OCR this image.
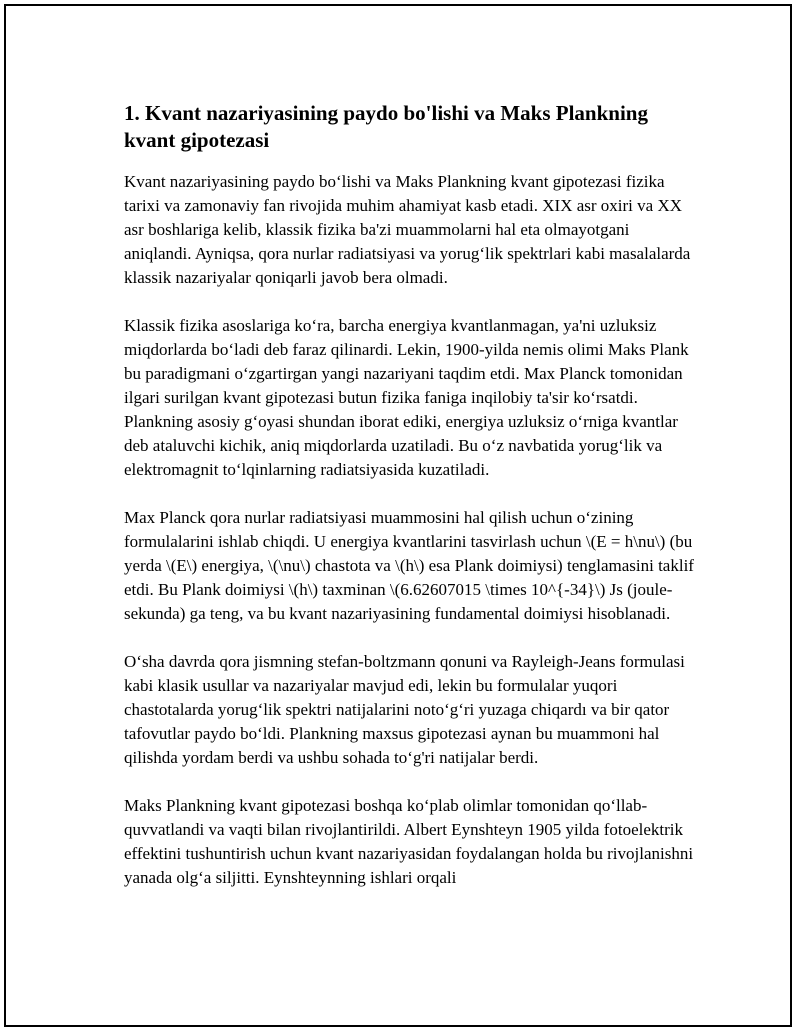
1. Kvant nazariyasining paydo bo'lishi va Maks Plankning kvant gipotezasi

Kvant nazariyasining paydo bo‘lishi va Maks Plankning kvant gipotezasi fizika tarixi va zamonaviy fan rivojida muhim ahamiyat kasb etadi. XIX asr oxiri va XX asr boshlariga kelib, klassik fizika ba'zi muammolarni hal eta olmayotgani aniqlandi. Ayniqsa, qora nurlar radiatsiyasi va yorug‘lik spektrlari kabi masalalarda klassik nazariyalar qoniqarli javob bera olmadi.

Klassik fizika asoslariga ko‘ra, barcha energiya kvantlanmagan, ya'ni uzluksiz miqdorlarda bo‘ladi deb faraz qilinardi. Lekin, 1900-yilda nemis olimi Maks Plank bu paradigmani o‘zgartirgan yangi nazariyani taqdim etdi. Max Planck tomonidan ilgari surilgan kvant gipotezasi butun fizika faniga inqilobiy ta'sir ko‘rsatdi. Plankning asosiy g‘oyasi shundan iborat ediki, energiya uzluksiz o‘rniga kvantlar deb ataluvchi kichik, aniq miqdorlarda uzatiladi. Bu o‘z navbatida yorug‘lik va elektromagnit to‘lqinlarning radiatsiyasida kuzatiladi.

Max Planck qora nurlar radiatsiyasi muammosini hal qilish uchun o‘zining formulalarini ishlab chiqdi. U energiya kvantlarini tasvirlash uchun \(E = h\nu\) (bu yerda \(E\) energiya, \(\nu\) chastota va \(h\) esa Plank doimiysi) tenglamasini taklif etdi. Bu Plank doimiysi \(h\) taxminan \(6.62607015 \times 10^{-34}\) Js (joule-sekunda) ga teng, va bu kvant nazariyasining fundamental doimiysi hisoblanadi.

O‘sha davrda qora jismning stefan-boltzmann qonuni va Rayleigh-Jeans formulasi kabi klasik usullar va nazariyalar mavjud edi, lekin bu formulalar yuqori chastotalarda yorug‘lik spektri natijalarini noto‘g‘ri yuzaga chiqardı va bir qator tafovutlar paydo bo‘ldi. Plankning maxsus gipotezasi aynan bu muammoni hal qilishda yordam berdi va ushbu sohada to‘g'ri natijalar berdi.

Maks Plankning kvant gipotezasi boshqa ko‘plab olimlar tomonidan qo‘llab-quvvatlandi va vaqti bilan rivojlantirildi. Albert Eynshteyn 1905 yilda fotoelektrik effektini tushuntirish uchun kvant nazariyasidan foydalangan holda bu rivojlanishni yanada olg‘a siljitti. Eynshteynning ishlari orqali
